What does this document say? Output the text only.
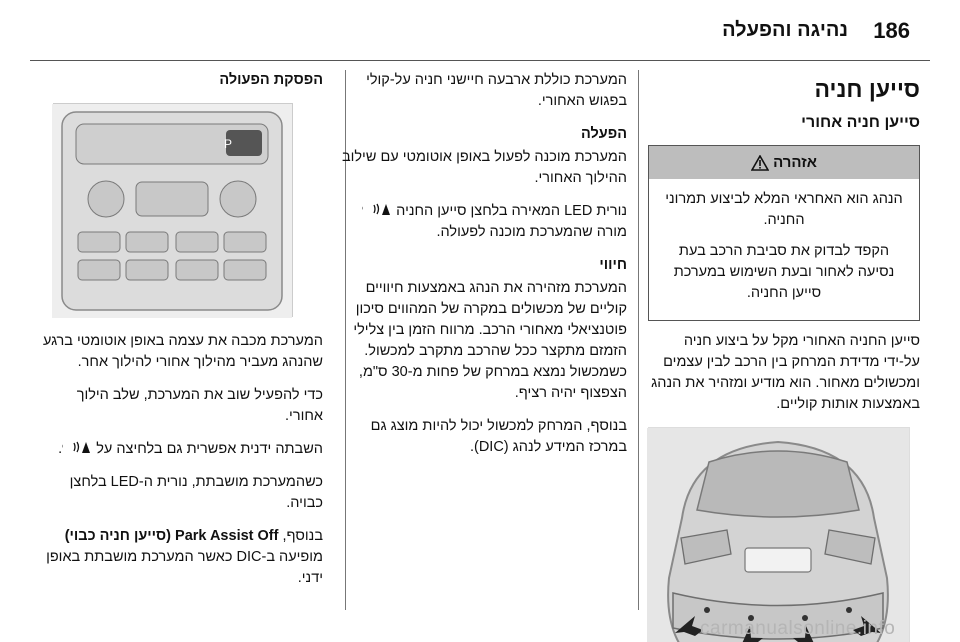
186
נהיגה והפעלה
סייען חניה
סייען חניה אחורי
אזהרה

הנהג הוא האחראי המלא לביצוע תמרוני החניה.

הקפד לבדוק את סביבת הרכב בעת נסיעה לאחור ובעת השימוש במערכת סייען החניה.

סייען החניה האחורי מקל על ביצוע חניה על-ידי מדידת המרחק בין הרכב לבין עצמים ומכשולים מאחור. הוא מודיע ומזהיר את הנהג באמצעות אותות קוליים.

המערכת כוללת ארבעה חיישני חניה על-קולי בפגוש האחורי.

הפעלה

המערכת מוכנה לפעול באופן אוטומטי עם שילוב ההילוך האחורי.

נורית LED המאירה בלחצן סייען החניה
מורה שהמערכת מוכנה לפעולה.

חיווי

המערכת מזהירה את הנהג באמצעות חיוויים קוליים של מכשולים במקרה של המהווים סיכון פוטנציאלי מאחורי הרכב. מרווח הזמן בין צלילי הזמזם מתקצר ככל שהרכב מתקרב למכשול. כשמכשול נמצא במרחק של פחות מ-30 ס"מ, הצפצוף יהיה רציף.

בנוסף, המרחק למכשול יכול להיות מוצג גם במרכז המידע לנהג (DIC).

הפסקת הפעולה
P

המערכת מכבה את עצמה באופן אוטומטי ברגע שהנהג מעביר מהילוך אחורי להילוך אחר.

כדי להפעיל שוב את המערכת, שלב הילוך אחורי.

השבתה ידנית אפשרית גם בלחיצה על
.

כשהמערכת מושבתת, נורית ה-LED בלחצן כבויה.

בנוסף, Park Assist Off (סייען חניה כבוי) מופיעה ב-DIC כאשר המערכת מושבתת באופן ידני.

carmanualsonline.info
